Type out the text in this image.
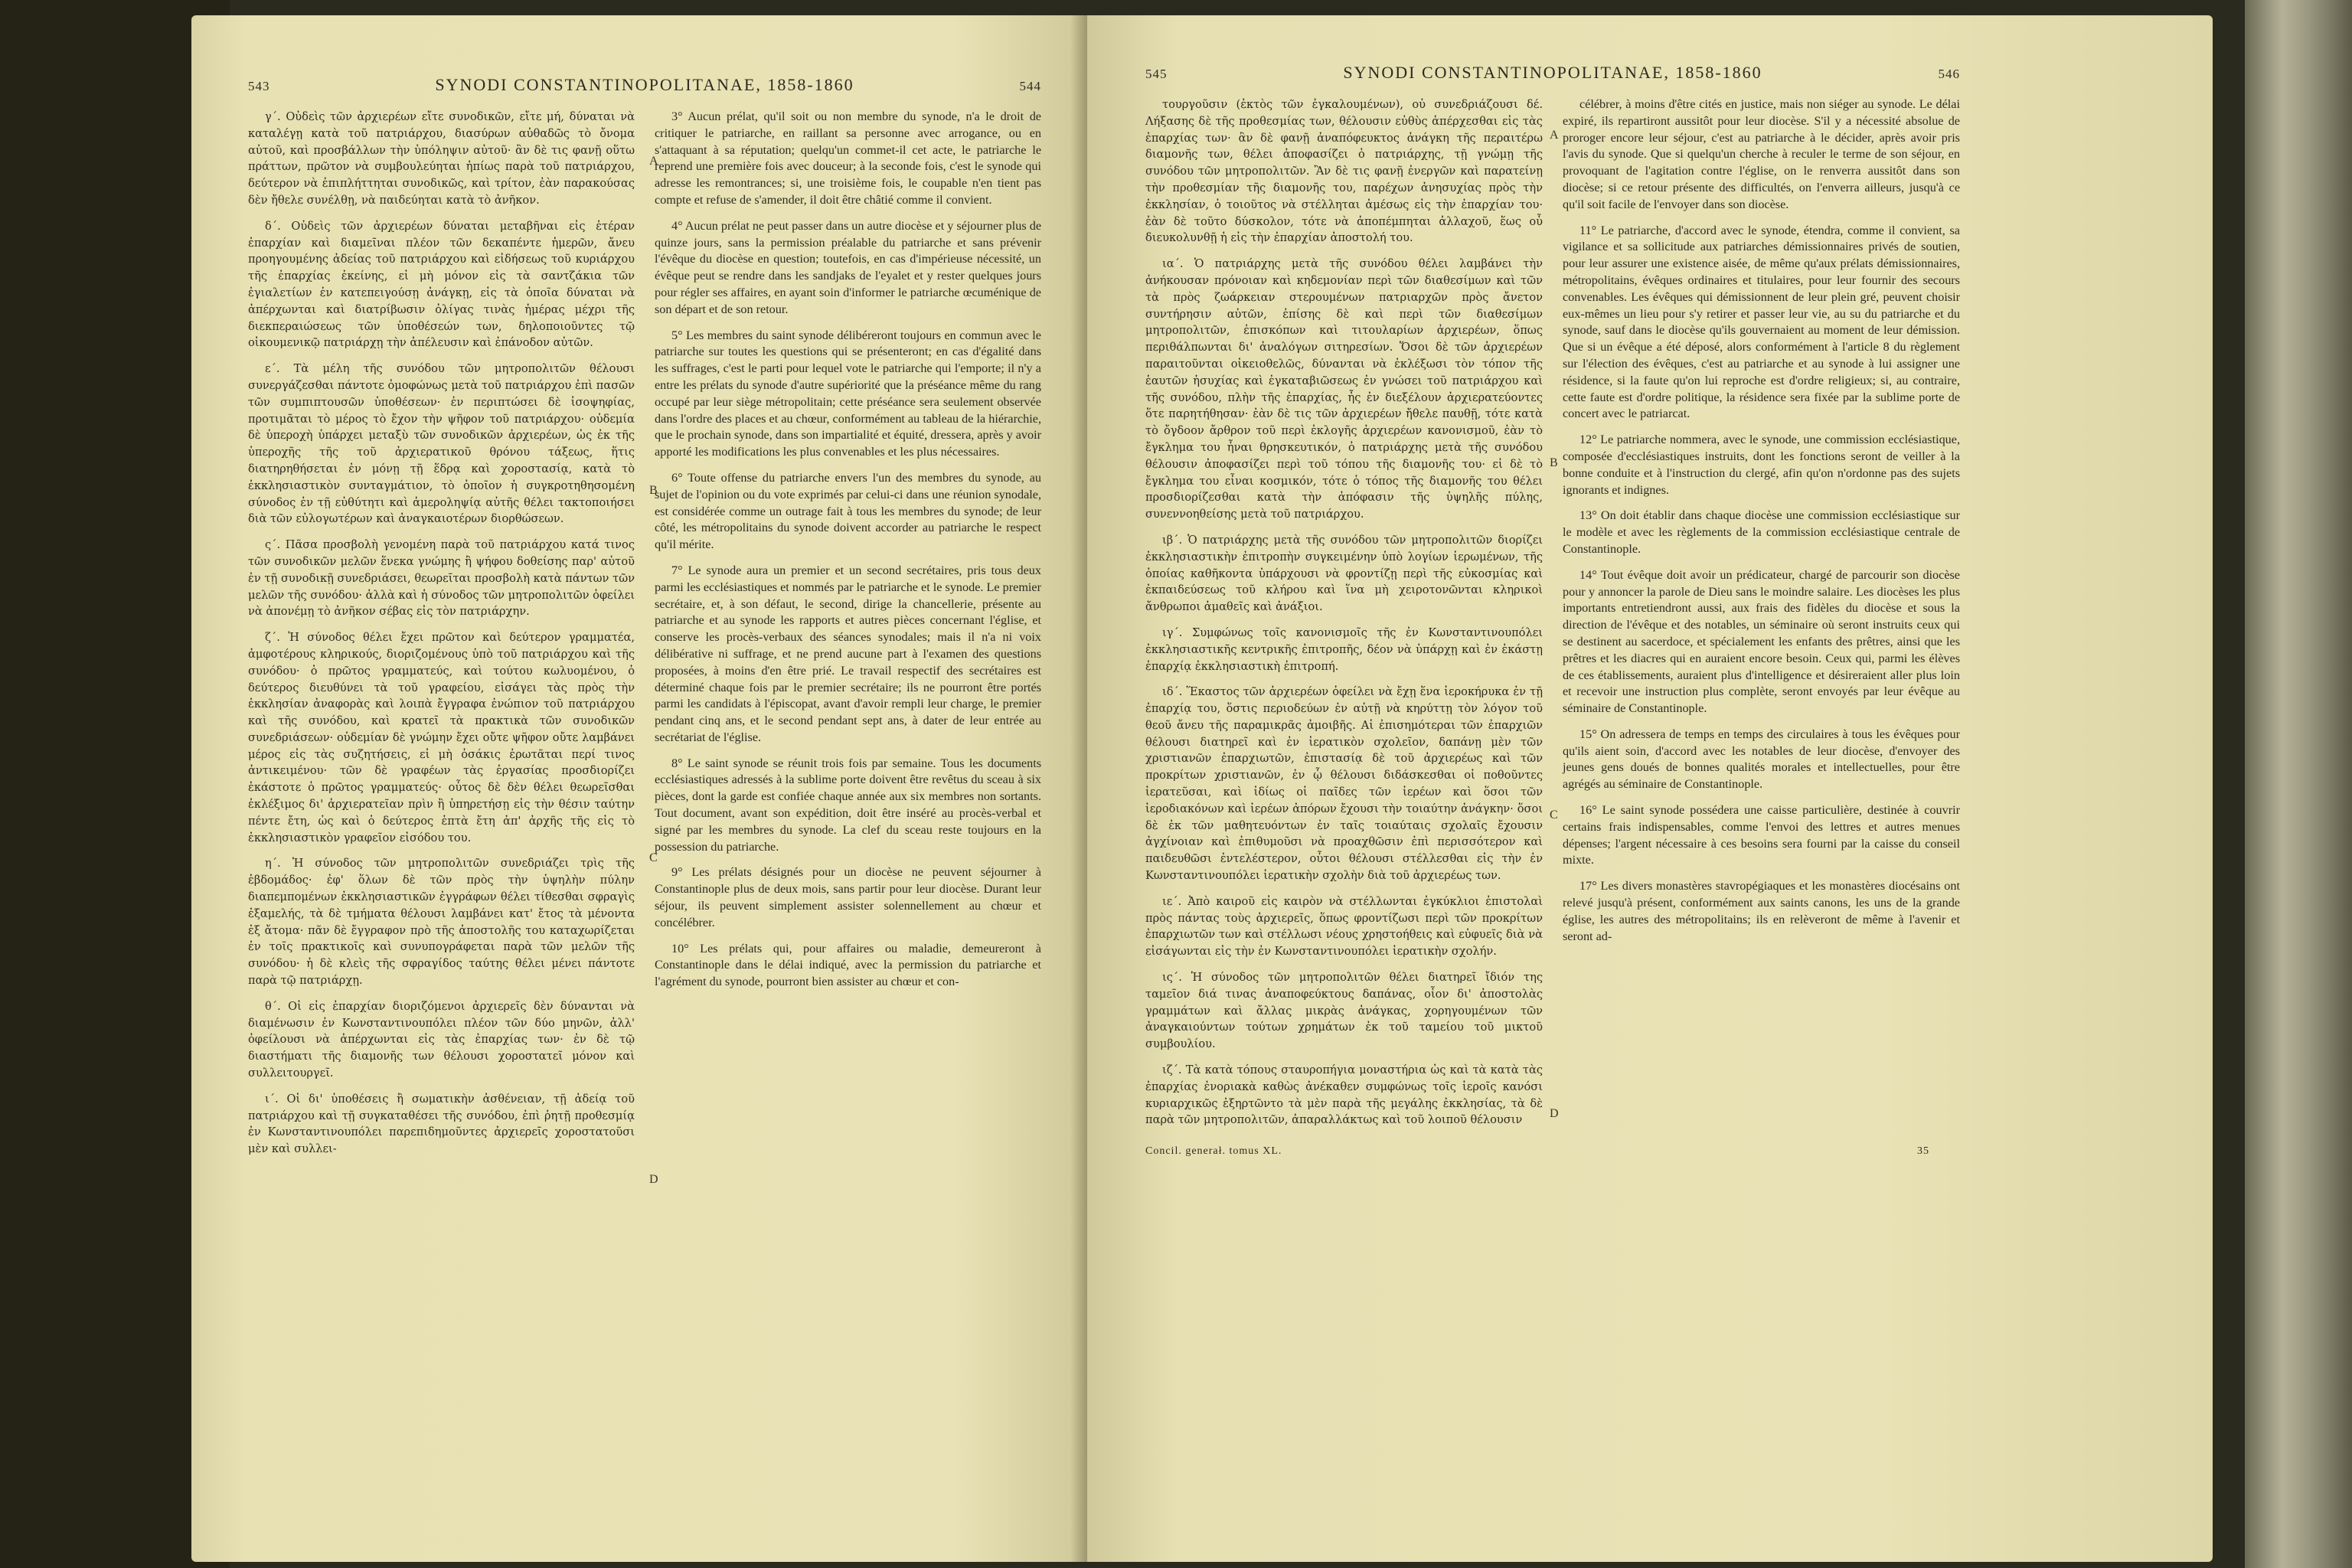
543	SYNODI CONSTANTINOPOLITANAE, 1858-1860	544

γ΄. Οὐδεὶς τῶν ἀρχιερέων εἴτε συνοδικῶν, εἴτε μή, δύναται νὰ καταλέγῃ κατὰ τοῦ πατριάρχου, διασύρων αὐθαδῶς τὸ ὄνομα αὐτοῦ, καὶ προσβάλλων τὴν ὑπόληψιν αὐτοῦ· ἂν δὲ τις φανῇ οὕτω πράττων, πρῶτον νὰ συμβουλεύηται ἠπίως παρὰ τοῦ πατριάρχου, δεύτερον νὰ ἐπιπλήττηται συνοδικῶς, καὶ τρίτον, ἐὰν παρακούσας δὲν ἤθελε συνέλθῃ, νὰ παιδεύηται κατὰ τὸ ἀνῆκον.

δ΄. Οὐδεὶς τῶν ἀρχιερέων δύναται μεταβῆναι εἰς ἑτέραν ἐπαρχίαν καὶ διαμεῖναι πλέον τῶν δεκαπέντε ἡμερῶν, ἄνευ προηγουμένης ἀδείας τοῦ πατριάρχου καὶ εἰδήσεως τοῦ κυριάρχου τῆς ἐπαρχίας ἐκείνης, εἰ μὴ μόνον εἰς τὰ σαντζάκια τῶν ἐγιαλετίων ἐν κατεπειγούσῃ ἀνάγκῃ, εἰς τὰ ὁποῖα δύναται νὰ ἀπέρχωνται καὶ διατρίβωσιν ὀλίγας τινὰς ἡμέρας μέχρι τῆς διεκπεραιώσεως τῶν ὑποθέσεών των, δηλοποιοῦντες τῷ οἰκουμενικῷ πατριάρχῃ τὴν ἀπέλευσιν καὶ ἐπάνοδον αὐτῶν.

ε΄. Τὰ μέλη τῆς συνόδου τῶν μητροπολιτῶν θέλουσι συνεργάζεσθαι πάντοτε ὁμοφώνως μετὰ τοῦ πατριάρχου ἐπὶ πασῶν τῶν συμπιπτουσῶν ὑποθέσεων· ἐν περιπτώσει δὲ ἰσοψηφίας, προτιμᾶται τὸ μέρος τὸ ἔχον τὴν ψῆφον τοῦ πατριάρχου· οὐδεμία δὲ ὑπεροχὴ ὑπάρχει μεταξὺ τῶν συνοδικῶν ἀρχιερέων, ὡς ἐκ τῆς ὑπεροχῆς τῆς τοῦ ἀρχιερατικοῦ θρόνου τάξεως, ἥτις διατηρηθήσεται ἐν μόνῃ τῇ ἕδρᾳ καὶ χοροστασίᾳ, κατὰ τὸ ἐκκλησιαστικὸν συνταγμάτιον, τὸ ὁποῖον ἡ συγκροτηθησομένη σύνοδος ἐν τῇ εὐθύτητι καὶ ἀμεροληψίᾳ αὐτῆς θέλει τακτοποιήσει διὰ τῶν εὐλογωτέρων καὶ ἀναγκαιοτέρων διορθώσεων.

ς΄. Πᾶσα προσβολὴ γενομένη παρὰ τοῦ πατριάρχου κατά τινος τῶν συνοδικῶν μελῶν ἕνεκα γνώμης ἢ ψήφου δοθείσης παρ' αὐτοῦ ἐν τῇ συνοδικῇ συνεδριάσει, θεωρεῖται προσβολὴ κατὰ πάντων τῶν μελῶν τῆς συνόδου· ἀλλὰ καὶ ἡ σύνοδος τῶν μητροπολιτῶν ὀφείλει νὰ ἀπονέμῃ τὸ ἀνῆκον σέβας εἰς τὸν πατριάρχην.

ζ΄. Ἡ σύνοδος θέλει ἔχει πρῶτον καὶ δεύτερον γραμματέα, ἀμφοτέρους κληρικούς, διοριζομένους ὑπὸ τοῦ πατριάρχου καὶ τῆς συνόδου· ὁ πρῶτος γραμματεύς, καὶ τούτου κωλυομένου, ὁ δεύτερος διευθύνει τὰ τοῦ γραφείου, εἰσάγει τὰς πρὸς τὴν ἐκκλησίαν ἀναφορὰς καὶ λοιπὰ ἔγγραφα ἐνώπιον τοῦ πατριάρχου καὶ τῆς συνόδου, καὶ κρατεῖ τὰ πρακτικὰ τῶν συνοδικῶν συνεδριάσεων· οὐδεμίαν δὲ γνώμην ἔχει οὔτε ψῆφον οὔτε λαμβάνει μέρος εἰς τὰς συζητήσεις, εἰ μὴ ὁσάκις ἐρωτᾶται περί τινος ἀντικειμένου· τῶν δὲ γραφέων τὰς ἐργασίας προσδιορίζει ἑκάστοτε ὁ πρῶτος γραμματεύς· οὗτος δὲ δὲν θέλει θεωρεῖσθαι ἐκλέξιμος δι' ἀρχιερατεῖαν πρὶν ἢ ὑπηρετήσῃ εἰς τὴν θέσιν ταύτην πέντε ἔτη, ὡς καὶ ὁ δεύτερος ἑπτὰ ἔτη ἀπ' ἀρχῆς τῆς εἰς τὸ ἐκκλησιαστικὸν γραφεῖον εἰσόδου του.

η΄. Ἡ σύνοδος τῶν μητροπολιτῶν συνεδριάζει τρὶς τῆς ἑβδομάδος· ἐφ' ὅλων δὲ τῶν πρὸς τὴν ὑψηλὴν πύλην διαπεμπομένων ἐκκλησιαστικῶν ἐγγράφων θέλει τίθεσθαι σφραγὶς ἐξαμελής, τὰ δὲ τμήματα θέλουσι λαμβάνει κατ' ἔτος τὰ μένοντα ἐξ ἄτομα· πᾶν δὲ ἔγγραφον πρὸ τῆς ἀποστολῆς του καταχωρίζεται ἐν τοῖς πρακτικοῖς καὶ συνυπογράφεται παρὰ τῶν μελῶν τῆς συνόδου· ἡ δὲ κλεὶς τῆς σφραγίδος ταύτης θέλει μένει πάντοτε παρὰ τῷ πατριάρχῃ.

θ΄. Οἱ εἰς ἐπαρχίαν διοριζόμενοι ἀρχιερεῖς δὲν δύνανται νὰ διαμένωσιν ἐν Κωνσταντινουπόλει πλέον τῶν δύο μηνῶν, ἀλλ' ὀφείλουσι νὰ ἀπέρχωνται εἰς τὰς ἐπαρχίας των· ἐν δὲ τῷ διαστήματι τῆς διαμονῆς των θέλουσι χοροστατεῖ μόνον καὶ συλλειτουργεῖ.

ι΄. Οἱ δι' ὑποθέσεις ἢ σωματικὴν ἀσθένειαν, τῇ ἀδείᾳ τοῦ πατριάρχου καὶ τῇ συγκαταθέσει τῆς συνόδου, ἐπὶ ῥητῇ προθεσμίᾳ ἐν Κωνσταντινουπόλει παρεπιδημοῦντες ἀρχιερεῖς χοροστατοῦσι μὲν καὶ συλλει-

3° Aucun prélat, qu'il soit ou non membre du synode, n'a le droit de critiquer le patriarche, en raillant sa personne avec arrogance, ou en s'attaquant à sa réputation; quelqu'un commet-il cet acte, le patriarche le reprend une première fois avec douceur; à la seconde fois, c'est le synode qui adresse les remontrances; si, une troisième fois, le coupable n'en tient pas compte et refuse de s'amender, il doit être châtié comme il convient.

4° Aucun prélat ne peut passer dans un autre diocèse et y séjourner plus de quinze jours, sans la permission préalable du patriarche et sans prévenir l'évêque du diocèse en question; toutefois, en cas d'impérieuse nécessité, un évêque peut se rendre dans les sandjaks de l'eyalet et y rester quelques jours pour régler ses affaires, en ayant soin d'informer le patriarche œcuménique de son départ et de son retour.

5° Les membres du saint synode délibéreront toujours en commun avec le patriarche sur toutes les questions qui se présenteront; en cas d'égalité dans les suffrages, c'est le parti pour lequel vote le patriarche qui l'emporte; il n'y a entre les prélats du synode d'autre supériorité que la préséance même du rang occupé par leur siège métropolitain; cette préséance sera seulement observée dans l'ordre des places et au chœur, conformément au tableau de la hiérarchie, que le prochain synode, dans son impartialité et équité, dressera, après y avoir apporté les modifications les plus convenables et les plus nécessaires.

6° Toute offense du patriarche envers l'un des membres du synode, au sujet de l'opinion ou du vote exprimés par celui-ci dans une réunion synodale, est considérée comme un outrage fait à tous les membres du synode; de leur côté, les métropolitains du synode doivent accorder au patriarche le respect qu'il mérite.

7° Le synode aura un premier et un second secrétaires, pris tous deux parmi les ecclésiastiques et nommés par le patriarche et le synode. Le premier secrétaire, et, à son défaut, le second, dirige la chancellerie, présente au patriarche et au synode les rapports et autres pièces concernant l'église, et conserve les procès-verbaux des séances synodales; mais il n'a ni voix délibérative ni suffrage, et ne prend aucune part à l'examen des questions proposées, à moins d'en être prié. Le travail respectif des secrétaires est déterminé chaque fois par le premier secrétaire; ils ne pourront être portés parmi les candidats à l'épiscopat, avant d'avoir rempli leur charge, le premier pendant cinq ans, et le second pendant sept ans, à dater de leur entrée au secrétariat de l'église.

8° Le saint synode se réunit trois fois par semaine. Tous les documents ecclésiastiques adressés à la sublime porte doivent être revêtus du sceau à six pièces, dont la garde est confiée chaque année aux six membres non sortants. Tout document, avant son expédition, doit être inséré au procès-verbal et signé par les membres du synode. La clef du sceau reste toujours en la possession du patriarche.

9° Les prélats désignés pour un diocèse ne peuvent séjourner à Constantinople plus de deux mois, sans partir pour leur diocèse. Durant leur séjour, ils peuvent simplement assister solennellement au chœur et concélébrer.

10° Les prélats qui, pour affaires ou maladie, demeureront à Constantinople dans le délai indiqué, avec la permission du patriarche et l'agrément du synode, pourront bien assister au chœur et con-

A
B
C
D
545	SYNODI CONSTANTINOPOLITANAE, 1858-1860	546

τουργοῦσιν (ἐκτὸς τῶν ἐγκαλουμένων), οὐ συνεδριάζουσι δέ. Λήξασης δὲ τῆς προθεσμίας των, θέλουσιν εὐθὺς ἀπέρχεσθαι εἰς τὰς ἐπαρχίας των· ἂν δὲ φανῇ ἀναπόφευκτος ἀνάγκη τῆς περαιτέρω διαμονῆς των, θέλει ἀποφασίζει ὁ πατριάρχης, τῇ γνώμῃ τῆς συνόδου τῶν μητροπολιτῶν. Ἂν δὲ τις φανῇ ἐνεργῶν καὶ παρατείνῃ τὴν προθεσμίαν τῆς διαμονῆς του, παρέχων ἀνησυχίας πρὸς τὴν ἐκκλησίαν, ὁ τοιοῦτος νὰ στέλληται ἀμέσως εἰς τὴν ἐπαρχίαν του· ἐὰν δὲ τοῦτο δύσκολον, τότε νὰ ἀποπέμπηται ἀλλαχοῦ, ἕως οὗ διευκολυνθῇ ἡ εἰς τὴν ἐπαρχίαν ἀποστολή του.

ια΄. Ὁ πατριάρχης μετὰ τῆς συνόδου θέλει λαμβάνει τὴν ἀνήκουσαν πρόνοιαν καὶ κηδεμονίαν περὶ τῶν διαθεσίμων καὶ τῶν τὰ πρὸς ζωάρκειαν στερουμένων πατριαρχῶν πρὸς ἄνετον συντήρησιν αὐτῶν, ἐπίσης δὲ καὶ περὶ τῶν διαθεσίμων μητροπολιτῶν, ἐπισκόπων καὶ τιτουλαρίων ἀρχιερέων, ὅπως περιθάλπωνται δι' ἀναλόγων σιτηρεσίων. Ὅσοι δὲ τῶν ἀρχιερέων παραιτοῦνται οἰκειοθελῶς, δύνανται νὰ ἐκλέξωσι τὸν τόπον τῆς ἑαυτῶν ἡσυχίας καὶ ἐγκαταβιῶσεως ἐν γνώσει τοῦ πατριάρχου καὶ τῆς συνόδου, πλὴν τῆς ἐπαρχίας, ἧς ἐν διεξέλουν ἀρχιερατεύοντες ὅτε παρητήθησαν· ἐὰν δὲ τις τῶν ἀρχιερέων ἤθελε παυθῇ, τότε κατὰ τὸ ὄγδοον ἄρθρον τοῦ περὶ ἐκλογῆς ἀρχιερέων κανονισμοῦ, ἐὰν τὸ ἔγκλημα του ἦναι θρησκευτικόν, ὁ πατριάρχης μετὰ τῆς συνόδου θέλουσιν ἀποφασίζει περὶ τοῦ τόπου τῆς διαμονῆς του· εἰ δὲ τὸ ἔγκλημα του εἶναι κοσμικόν, τότε ὁ τόπος τῆς διαμονῆς του θέλει προσδιορίζεσθαι κατὰ τὴν ἀπόφασιν τῆς ὑψηλῆς πύλης, συνεννοηθείσης μετὰ τοῦ πατριάρχου.

ιβ΄. Ὁ πατριάρχης μετὰ τῆς συνόδου τῶν μητροπολιτῶν διορίζει ἐκκλησιαστικὴν ἐπιτροπὴν συγκειμένην ὑπὸ λογίων ἱερωμένων, τῆς ὁποίας καθῆκοντα ὑπάρχουσι νὰ φροντίζῃ περὶ τῆς εὐκοσμίας καὶ ἐκπαιδεύσεως τοῦ κλήρου καὶ ἵνα μὴ χειροτονῶνται κληρικοὶ ἄνθρωποι ἀμαθεῖς καὶ ἀνάξιοι.

ιγ΄. Συμφώνως τοῖς κανονισμοῖς τῆς ἐν Κωνσταντινουπόλει ἐκκλησιαστικῆς κεντρικῆς ἐπιτροπῆς, δέον νὰ ὑπάρχῃ καὶ ἐν ἑκάστῃ ἐπαρχίᾳ ἐκκλησιαστικὴ ἐπιτροπή.

ιδ΄. Ἕκαστος τῶν ἀρχιερέων ὀφείλει νὰ ἔχῃ ἕνα ἱεροκήρυκα ἐν τῇ ἐπαρχίᾳ του, ὅστις περιοδεύων ἐν αὐτῇ νὰ κηρύττῃ τὸν λόγον τοῦ θεοῦ ἄνευ τῆς παραμικρᾶς ἀμοιβῆς. Αἱ ἐπισημότεραι τῶν ἐπαρχιῶν θέλουσι διατηρεῖ καὶ ἐν ἱερατικὸν σχολεῖον, δαπάνῃ μὲν τῶν χριστιανῶν ἐπαρχιωτῶν, ἐπιστασίᾳ δὲ τοῦ ἀρχιερέως καὶ τῶν προκρίτων χριστιανῶν, ἐν ᾧ θέλουσι διδάσκεσθαι οἱ ποθοῦντες ἱερατεῦσαι, καὶ ἰδίως οἱ παῖδες τῶν ἱερέων καὶ ὅσοι τῶν ἱεροδιακόνων καὶ ἱερέων ἀπόρων ἔχουσι τὴν τοιαύτην ἀνάγκην· ὅσοι δὲ ἐκ τῶν μαθητευόντων ἐν ταῖς τοιαύταις σχολαῖς ἔχουσιν ἀγχίνοιαν καὶ ἐπιθυμοῦσι νὰ προαχθῶσιν ἐπὶ περισσότερον καὶ παιδευθῶσι ἐντελέστερον, οὗτοι θέλουσι στέλλεσθαι εἰς τὴν ἐν Κωνσταντινουπόλει ἱερατικὴν σχολὴν διὰ τοῦ ἀρχιερέως των.

ιε΄. Ἀπὸ καιροῦ εἰς καιρὸν νὰ στέλλωνται ἐγκύκλιοι ἐπιστολαὶ πρὸς πάντας τοὺς ἀρχιερεῖς, ὅπως φροντίζωσι περὶ τῶν προκρίτων ἐπαρχιωτῶν των καὶ στέλλωσι νέους χρηστοήθεις καὶ εὐφυεῖς διὰ νὰ εἰσάγωνται εἰς τὴν ἐν Κωνσταντινουπόλει ἱερατικὴν σχολήν.

ις΄. Ἡ σύνοδος τῶν μητροπολιτῶν θέλει διατηρεῖ ἴδιόν της ταμεῖον διά τινας ἀναποφεύκτους δαπάνας, οἷον δι' ἀποστολὰς γραμμάτων καὶ ἄλλας μικρὰς ἀνάγκας, χορηγουμένων τῶν ἀναγκαιούντων τούτων χρημάτων ἐκ τοῦ ταμείου τοῦ μικτοῦ συμβουλίου.

ιζ΄. Τὰ κατὰ τόπους σταυροπήγια μοναστήρια ὡς καὶ τὰ κατὰ τὰς ἐπαρχίας ἐνοριακὰ καθὼς ἀνέκαθεν συμφώνως τοῖς ἱεροῖς κανόσι κυριαρχικῶς ἐξηρτῶντο τὰ μὲν παρὰ τῆς μεγάλης ἐκκλησίας, τὰ δὲ παρὰ τῶν μητροπολιτῶν, ἀπαραλλάκτως καὶ τοῦ λοιποῦ θέλουσιν

célébrer, à moins d'être cités en justice, mais non siéger au synode. Le délai expiré, ils repartiront aussitôt pour leur diocèse. S'il y a nécessité absolue de proroger encore leur séjour, c'est au patriarche à le décider, après avoir pris l'avis du synode. Que si quelqu'un cherche à reculer le terme de son séjour, en provoquant de l'agitation contre l'église, on le renverra aussitôt dans son diocèse; si ce retour présente des difficultés, on l'enverra ailleurs, jusqu'à ce qu'il soit facile de l'envoyer dans son diocèse.

11° Le patriarche, d'accord avec le synode, étendra, comme il convient, sa vigilance et sa sollicitude aux patriarches démissionnaires privés de soutien, pour leur assurer une existence aisée, de même qu'aux prélats démissionnaires, métropolitains, évêques ordinaires et titulaires, pour leur fournir des secours convenables. Les évêques qui démissionnent de leur plein gré, peuvent choisir eux-mêmes un lieu pour s'y retirer et passer leur vie, au su du patriarche et du synode, sauf dans le diocèse qu'ils gouvernaient au moment de leur démission. Que si un évêque a été déposé, alors conformément à l'article 8 du règlement sur l'élection des évêques, c'est au patriarche et au synode à lui assigner une résidence, si la faute qu'on lui reproche est d'ordre religieux; si, au contraire, cette faute est d'ordre politique, la résidence sera fixée par la sublime porte de concert avec le patriarcat.

12° Le patriarche nommera, avec le synode, une commission ecclésiastique, composée d'ecclésiastiques instruits, dont les fonctions seront de veiller à la bonne conduite et à l'instruction du clergé, afin qu'on n'ordonne pas des sujets ignorants et indignes.

13° On doit établir dans chaque diocèse une commission ecclésiastique sur le modèle et avec les règlements de la commission ecclésiastique centrale de Constantinople.

14° Tout évêque doit avoir un prédicateur, chargé de parcourir son diocèse pour y annoncer la parole de Dieu sans le moindre salaire. Les diocèses les plus importants entretiendront aussi, aux frais des fidèles du diocèse et sous la direction de l'évêque et des notables, un séminaire où seront instruits ceux qui se destinent au sacerdoce, et spécialement les enfants des prêtres, ainsi que les prêtres et les diacres qui en auraient encore besoin. Ceux qui, parmi les élèves de ces établissements, auraient plus d'intelligence et désireraient aller plus loin et recevoir une instruction plus complète, seront envoyés par leur évêque au séminaire de Constantinople.

15° On adressera de temps en temps des circulaires à tous les évêques pour qu'ils aient soin, d'accord avec les notables de leur diocèse, d'envoyer des jeunes gens doués de bonnes qualités morales et intellectuelles, pour être agrégés au séminaire de Constantinople.

16° Le saint synode possédera une caisse particulière, destinée à couvrir certains frais indispensables, comme l'envoi des lettres et autres menues dépenses; l'argent nécessaire à ces besoins sera fourni par la caisse du conseil mixte.

17° Les divers monastères stavropégiaques et les monastères diocésains ont relevé jusqu'à présent, conformément aux saints canons, les uns de la grande église, les autres des métropolitains; ils en relèveront de même à l'avenir et seront ad-

A
B
C
D
Concil. generał. tomus XL.	35
